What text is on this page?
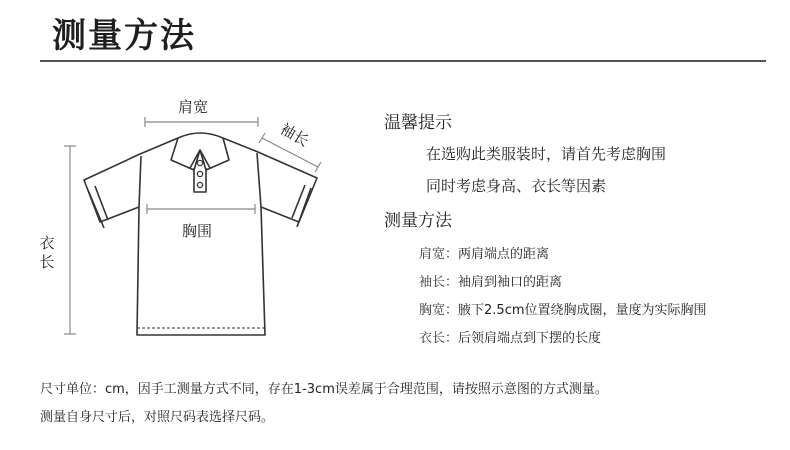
测量方法
肩宽
胸围
袖长
衣长
温馨提示
在选购此类服装时，请首先考虑胸围
同时考虑身高、衣长等因素
测量方法
肩宽：两肩端点的距离
袖长：袖肩到袖口的距离
胸宽：腋下2.5cm位置绕胸成圈，量度为实际胸围
衣长：后领肩端点到下摆的长度
尺寸单位：cm，因手工测量方式不同，存在1-3cm误差属于合理范围，请按照示意图的方式测量。
测量自身尺寸后，对照尺码表选择尺码。
